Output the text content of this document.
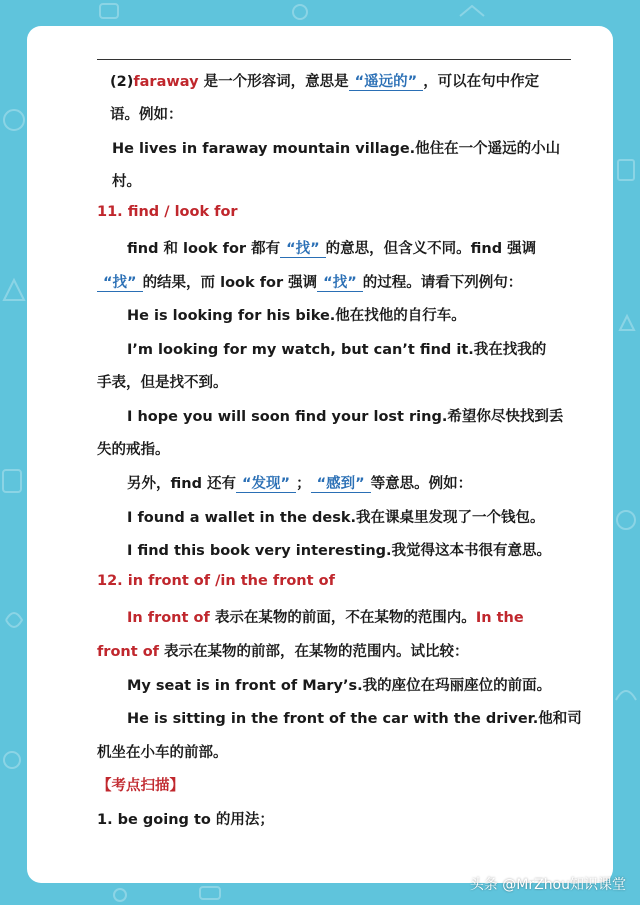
(2)faraway 是一个形容词，意思是 “遥远的” ，可以在句中作定
语。例如：
He lives in faraway mountain village.他住在一个遥远的小山
村。
11. find / look for
find 和 look for 都有 “找” 的意思，但含义不同。find 强调
“找” 的结果，而 look for 强调 “找” 的过程。请看下列例句：
He is looking for his bike.他在找他的自行车。
I’m looking for my watch, but can’t find it.我在找我的
手表，但是找不到。
I hope you will soon find your lost ring.希望你尽快找到丢
失的戒指。
另外，find 还有 “发现” ； “感到” 等意思。例如：
I found a wallet in the desk.我在课桌里发现了一个钱包。
I find this book very interesting.我觉得这本书很有意思。
12. in front of /in the front of
In front of 表示在某物的前面，不在某物的范围内。In the
front of 表示在某物的前部，在某物的范围内。试比较：
My seat is in front of Mary’s.我的座位在玛丽座位的前面。
He is sitting in the front of the car with the driver.他和司
机坐在小车的前部。
【考点扫描】
1. be going to 的用法；
头条 @MrZhou知识课堂
